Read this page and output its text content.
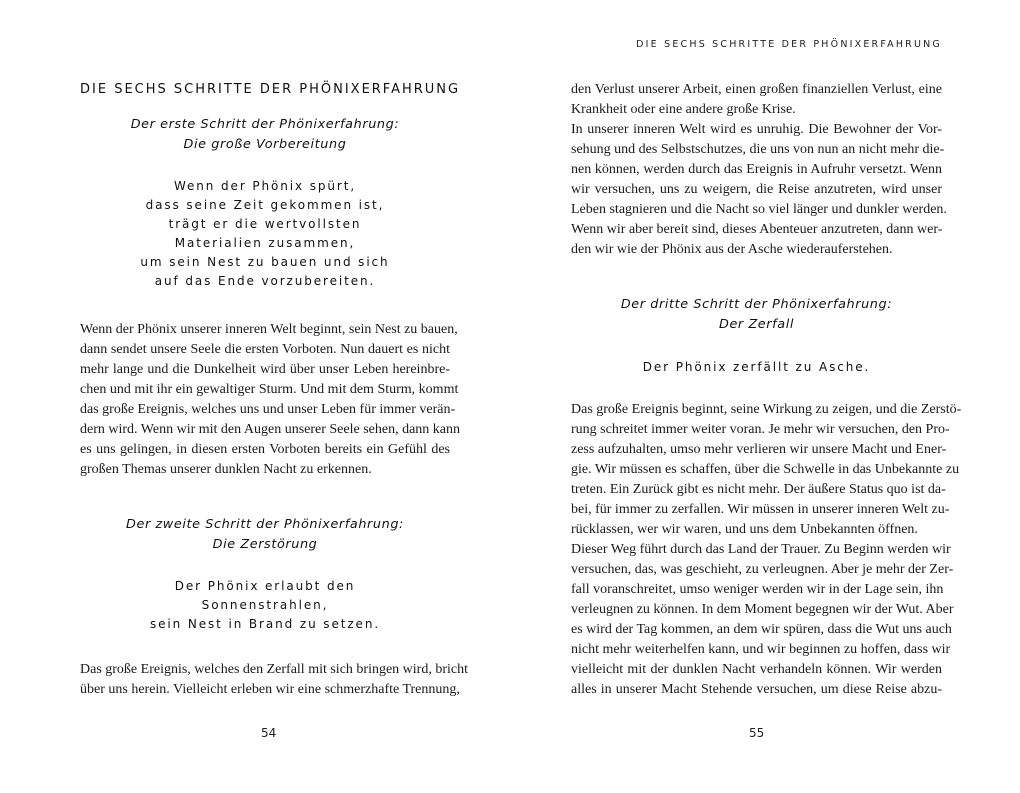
DIE SECHS SCHRITTE DER PHÖNIXERFAHRUNG
Der erste Schritt der Phönixerfahrung:
Die große Vorbereitung
Wenn der Phönix spürt,
dass seine Zeit gekommen ist,
trägt er die wertvollsten
Materialien zusammen,
um sein Nest zu bauen und sich
auf das Ende vorzubereiten.
Wenn der Phönix unserer inneren Welt beginnt, sein Nest zu bauen,
dann sendet unsere Seele die ersten Vorboten. Nun dauert es nicht
mehr lange und die Dunkelheit wird über unser Leben hereinbre-
chen und mit ihr ein gewaltiger Sturm. Und mit dem Sturm, kommt
das große Ereignis, welches uns und unser Leben für immer verän-
dern wird. Wenn wir mit den Augen unserer Seele sehen, dann kann
es uns gelingen, in diesen ersten Vorboten bereits ein Gefühl des
großen Themas unserer dunklen Nacht zu erkennen.
Der zweite Schritt der Phönixerfahrung:
Die Zerstörung
Der Phönix erlaubt den
Sonnenstrahlen,
sein Nest in Brand zu setzen.
Das große Ereignis, welches den Zerfall mit sich bringen wird, bricht
über uns herein. Vielleicht erleben wir eine schmerzhafte Trennung,
54
DIE SECHS SCHRITTE DER PHÖNIXERFAHRUNG
den Verlust unserer Arbeit, einen großen finanziellen Verlust, eine
Krankheit oder eine andere große Krise.
In unserer inneren Welt wird es unruhig. Die Bewohner der Vor-
sehung und des Selbstschutzes, die uns von nun an nicht mehr die-
nen können, werden durch das Ereignis in Aufruhr versetzt. Wenn
wir versuchen, uns zu weigern, die Reise anzutreten, wird unser
Leben stagnieren und die Nacht so viel länger und dunkler werden.
Wenn wir aber bereit sind, dieses Abenteuer anzutreten, dann wer-
den wir wie der Phönix aus der Asche wiederauferstehen.
Der dritte Schritt der Phönixerfahrung:
Der Zerfall
Der Phönix zerfällt zu Asche.
Das große Ereignis beginnt, seine Wirkung zu zeigen, und die Zerstö-
rung schreitet immer weiter voran. Je mehr wir versuchen, den Pro-
zess aufzuhalten, umso mehr verlieren wir unsere Macht und Ener-
gie. Wir müssen es schaffen, über die Schwelle in das Unbekannte zu
treten. Ein Zurück gibt es nicht mehr. Der äußere Status quo ist da-
bei, für immer zu zerfallen. Wir müssen in unserer inneren Welt zu-
rücklassen, wer wir waren, und uns dem Unbekannten öffnen.
Dieser Weg führt durch das Land der Trauer. Zu Beginn werden wir
versuchen, das, was geschieht, zu verleugnen. Aber je mehr der Zer-
fall voranschreitet, umso weniger werden wir in der Lage sein, ihn
verleugnen zu können. In dem Moment begegnen wir der Wut. Aber
es wird der Tag kommen, an dem wir spüren, dass die Wut uns auch
nicht mehr weiterhelfen kann, und wir beginnen zu hoffen, dass wir
vielleicht mit der dunklen Nacht verhandeln können. Wir werden
alles in unserer Macht Stehende versuchen, um diese Reise abzu-
55
